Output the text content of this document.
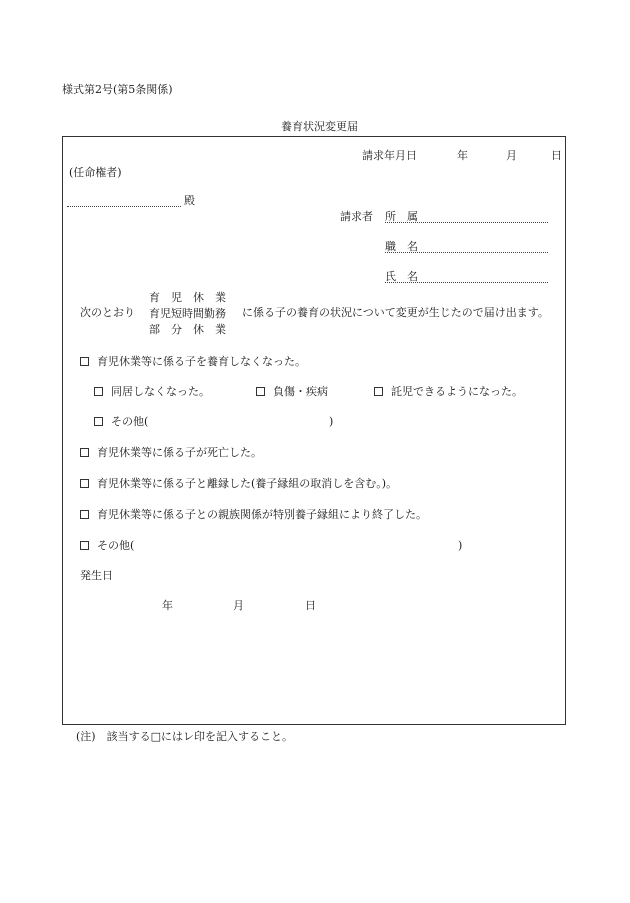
様式第2号(第5条関係)
養育状況変更届
請求年月日	年	月	日
(任命権者)
殿
請求者 所　属
職　名
氏　名
次のとおり
育　児　休　業
育児短時間勤務
部　分　休　業
に係る子の養育の状況について変更が生じたので届け出ます。
育児休業等に係る子を養育しなくなった。
同居しなくなった。	負傷・疾病	託児できるようになった。
その他(	)
育児休業等に係る子が死亡した。
育児休業等に係る子と離縁した(養子縁組の取消しを含む。)。
育児休業等に係る子との親族関係が特別養子縁組により終了した。
その他(	)
発生日
年	月	日
(注)　該当する□にはレ印を記入すること。
